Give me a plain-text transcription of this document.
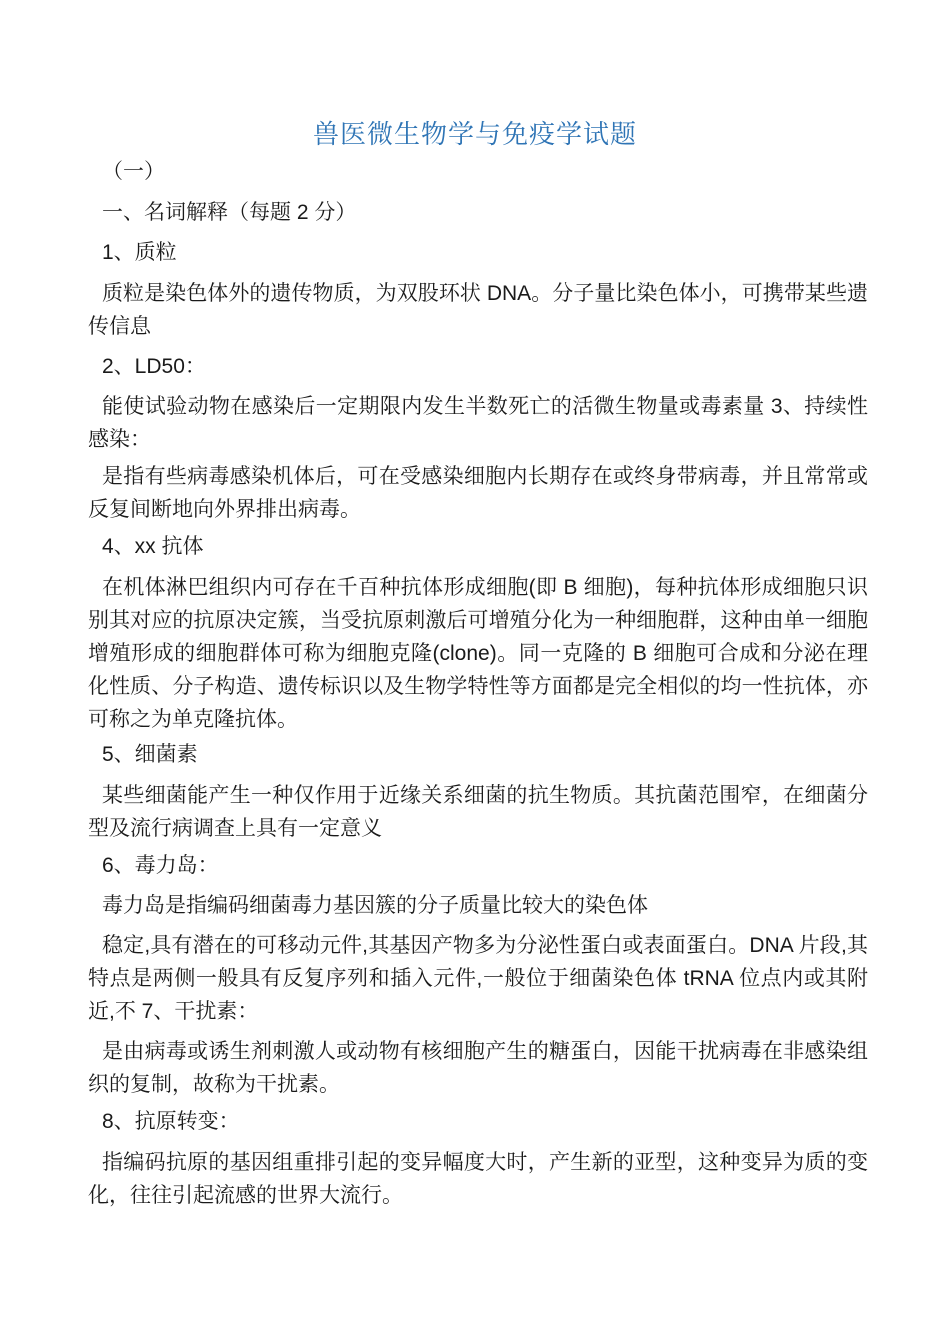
兽医微生物学与免疫学试题
（一）
一、名词解释（每题 2 分）
1、质粒
质粒是染色体外的遗传物质，为双股环状 DNA。分子量比染色体小，可携带某些遗传信息
2、LD50：
能使试验动物在感染后一定期限内发生半数死亡的活微生物量或毒素量 3、持续性感染：
是指有些病毒感染机体后，可在受感染细胞内长期存在或终身带病毒，并且常常或反复间断地向外界排出病毒。
4、xx 抗体
在机体淋巴组织内可存在千百种抗体形成细胞(即 B 细胞)，每种抗体形成细胞只识别其对应的抗原决定簇，当受抗原刺激后可增殖分化为一种细胞群，这种由单一细胞增殖形成的细胞群体可称为细胞克隆(clone)。同一克隆的 B 细胞可合成和分泌在理化性质、分子构造、遗传标识以及生物学特性等方面都是完全相似的均一性抗体，亦可称之为单克隆抗体。
5、细菌素
某些细菌能产生一种仅作用于近缘关系细菌的抗生物质。其抗菌范围窄，在细菌分型及流行病调查上具有一定意义
6、毒力岛：
毒力岛是指编码细菌毒力基因簇的分子质量比较大的染色体
稳定,具有潜在的可移动元件,其基因产物多为分泌性蛋白或表面蛋白。DNA 片段,其特点是两侧一般具有反复序列和插入元件,一般位于细菌染色体 tRNA 位点内或其附近,不 7、干扰素：
是由病毒或诱生剂刺激人或动物有核细胞产生的糖蛋白，因能干扰病毒在非感染组织的复制，故称为干扰素。
8、抗原转变：
指编码抗原的基因组重排引起的变异幅度大时，产生新的亚型，这种变异为质的变化，往往引起流感的世界大流行。
